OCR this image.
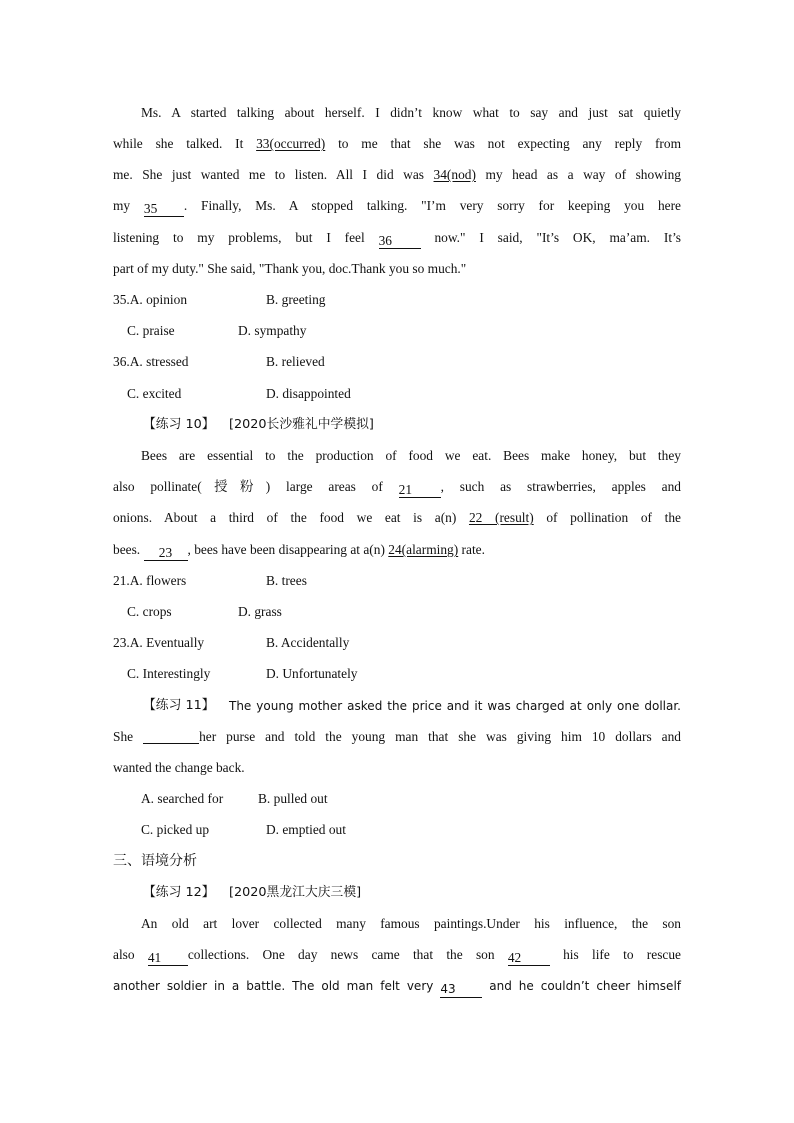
Ms. A started talking about herself. I didn’t know what to say and just sat quietly
while she talked. It 33(occurred) to me that she was not expecting any reply from
me. She just wanted me to listen. All I did was 34(nod) my head as a way of showing
my 35 . Finally, Ms. A stopped talking. "I’m very sorry for keeping you here
listening to my problems, but I feel 36 now." I said, "It’s OK, ma’am. It’s
part of my duty." She said, "Thank you, doc.Thank you so much."
35.A. opinion	B. greeting
C. praise	D. sympathy
36.A. stressed	B. relieved
C. excited	D. disappointed
【练习 10】	[2020长沙雅礼中学模拟]
Bees are essential to the production of food we eat. Bees make honey, but they
also pollinate(授粉) large areas of 21 , such as strawberries, apples and
onions. About a third of the food we eat is a(n) 22 (result) of pollination of the
bees. 23 , bees have been disappearing at a(n) 24(alarming) rate.
21.A. flowers	B. trees
C. crops	D. grass
23.A. Eventually	B. Accidentally
C. Interestingly	D. Unfortunately
【练习 11】	The young mother asked the price and it was charged at only one dollar.
She	her purse and told the young man that she was giving him 10 dollars and
wanted the change back.
A. searched for	B. pulled out
C. picked up	D. emptied out
三、语境分析
【练习 12】	[2020黑龙江大庆三模]
An old art lover collected many famous paintings.Under his influence, the son
also 41 collections. One day news came that the son 42 his life to rescue
another soldier in a battle. The old man felt very 43 and he couldn’t cheer himself
